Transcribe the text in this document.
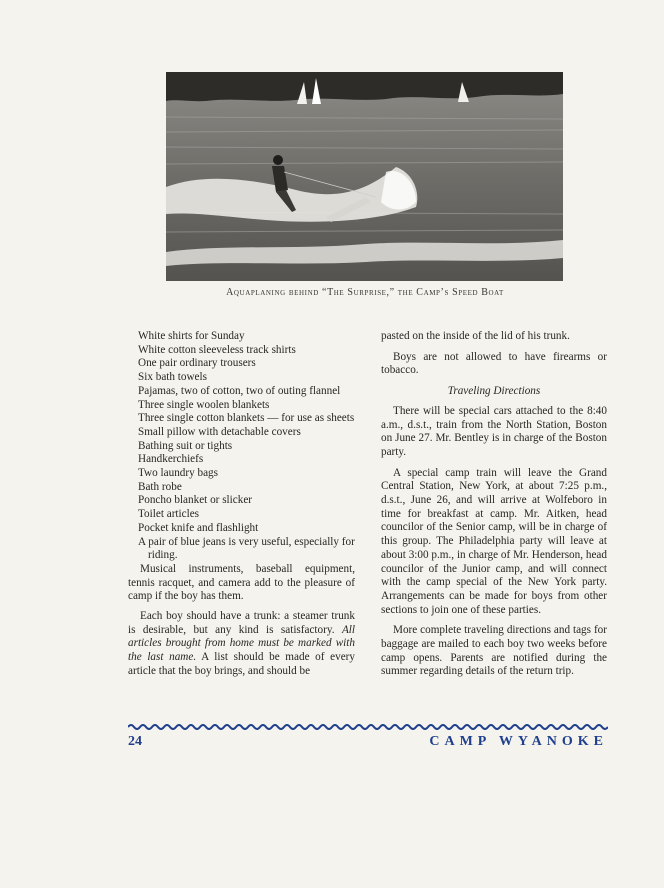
Aquaplaning behind “The Surprise,” the Camp’s Speed Boat
White shirts for Sunday
White cotton sleeveless track shirts
One pair ordinary trousers
Six bath towels
Pajamas, two of cotton, two of outing flannel
Three single woolen blankets
Three single cotton blankets — for use as sheets
Small pillow with detachable covers
Bathing suit or tights
Handkerchiefs
Two laundry bags
Bath robe
Poncho blanket or slicker
Toilet articles
Pocket knife and flashlight
A pair of blue jeans is very useful, especially for riding.

Musical instruments, baseball equipment, tennis racquet, and camera add to the pleasure of camp if the boy has them.

Each boy should have a trunk: a steamer trunk is desirable, but any kind is satisfactory. All articles brought from home must be marked with the last name. A list should be made of every article that the boy brings, and should be

pasted on the inside of the lid of his trunk.

Boys are not allowed to have firearms or tobacco.

Traveling Directions

There will be special cars attached to the 8:40 a.m., d.s.t., train from the North Station, Boston on June 27. Mr. Bentley is in charge of the Boston party.

A special camp train will leave the Grand Central Station, New York, at about 7:25 p.m., d.s.t., June 26, and will arrive at Wolfeboro in time for breakfast at camp. Mr. Aitken, head councilor of the Senior camp, will be in charge of this group. The Philadelphia party will leave at about 3:00 p.m., in charge of Mr. Henderson, head councilor of the Junior camp, and will connect with the camp special of the New York party. Arrangements can be made for boys from other sections to join one of these parties.

More complete traveling directions and tags for baggage are mailed to each boy two weeks before camp opens. Parents are notified during the summer regarding details of the return trip.

24	CAMP WYANOKE
